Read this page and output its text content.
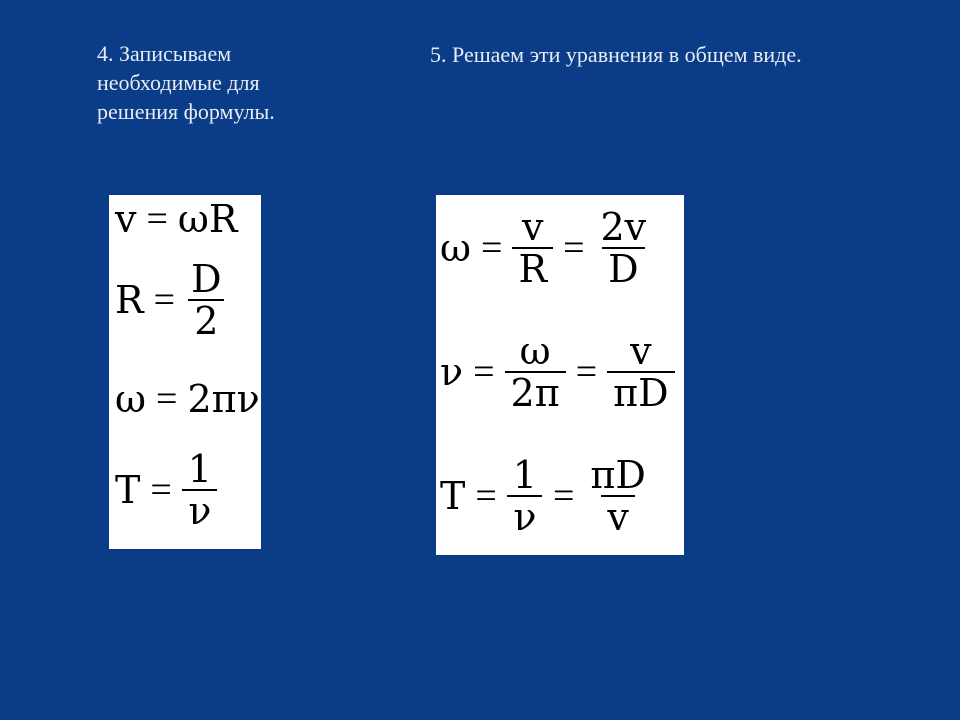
4. Записываем
необходимые для
решения формулы.

5. Решаем эти уравнения в общем виде.

v = ωR
$R = \frac{D}{2}$
ω = 2πν
$T = \frac{1}{\nu}$
$\omega = \frac{v}{R} = \frac{2v}{D}$
$\nu = \frac{\omega}{2\pi} = \frac{v}{\pi D}$
$T = \frac{1}{\nu} = \frac{\pi D}{v}$
